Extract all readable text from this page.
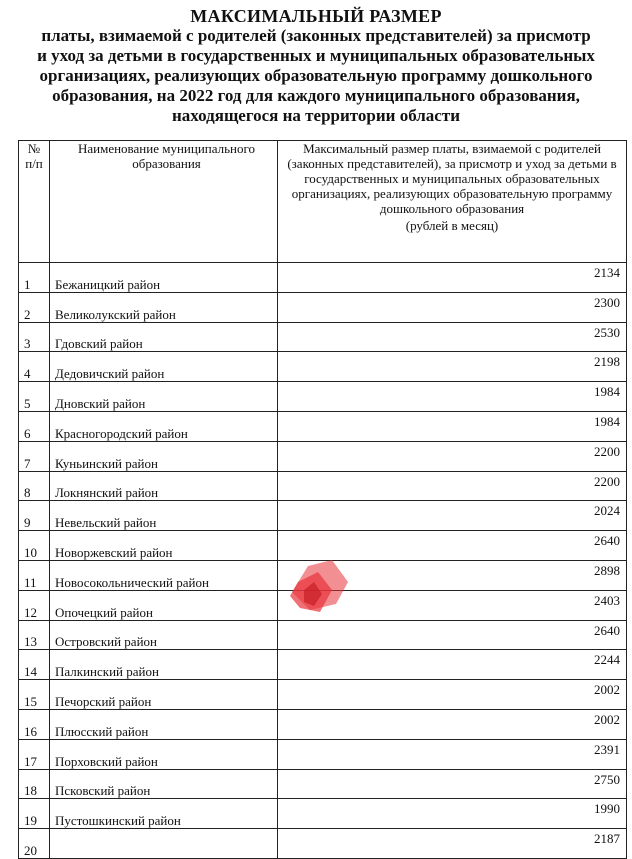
МАКСИМАЛЬНЫЙ РАЗМЕР
платы, взимаемой с родителей (законных представителей) за присмотр
и уход за детьми в государственных и муниципальных образовательных
организациях, реализующих образовательную программу дошкольного
образования, на 2022 год для каждого муниципального образования,
находящегося на территории области
№ п/п	Наименование муниципального образования	Максимальный размер платы, взимаемой с родителей (законных представителей), за присмотр и уход за детьми в государственных и муниципальных образовательных организациях, реализующих образовательную программу дошкольного образования
(рублей в месяц)

1	Бежаницкий район	2134
2	Великолукский район	2300
3	Гдовский район	2530
4	Дедовичский район	2198
5	Дновский район	1984
6	Красногородский район	1984
7	Куньинский район	2200
8	Локнянский район	2200
9	Невельский район	2024
10	Новоржевский район	2640
11	Новосокольнический район	2898
12	Опочецкий район	2403
13	Островский район	2640
14	Палкинский район	2244
15	Печорский район	2002
16	Плюсский район	2002
17	Порховский район	2391
18	Псковский район	2750
19	Пустошкинский район	1990
20		2187
